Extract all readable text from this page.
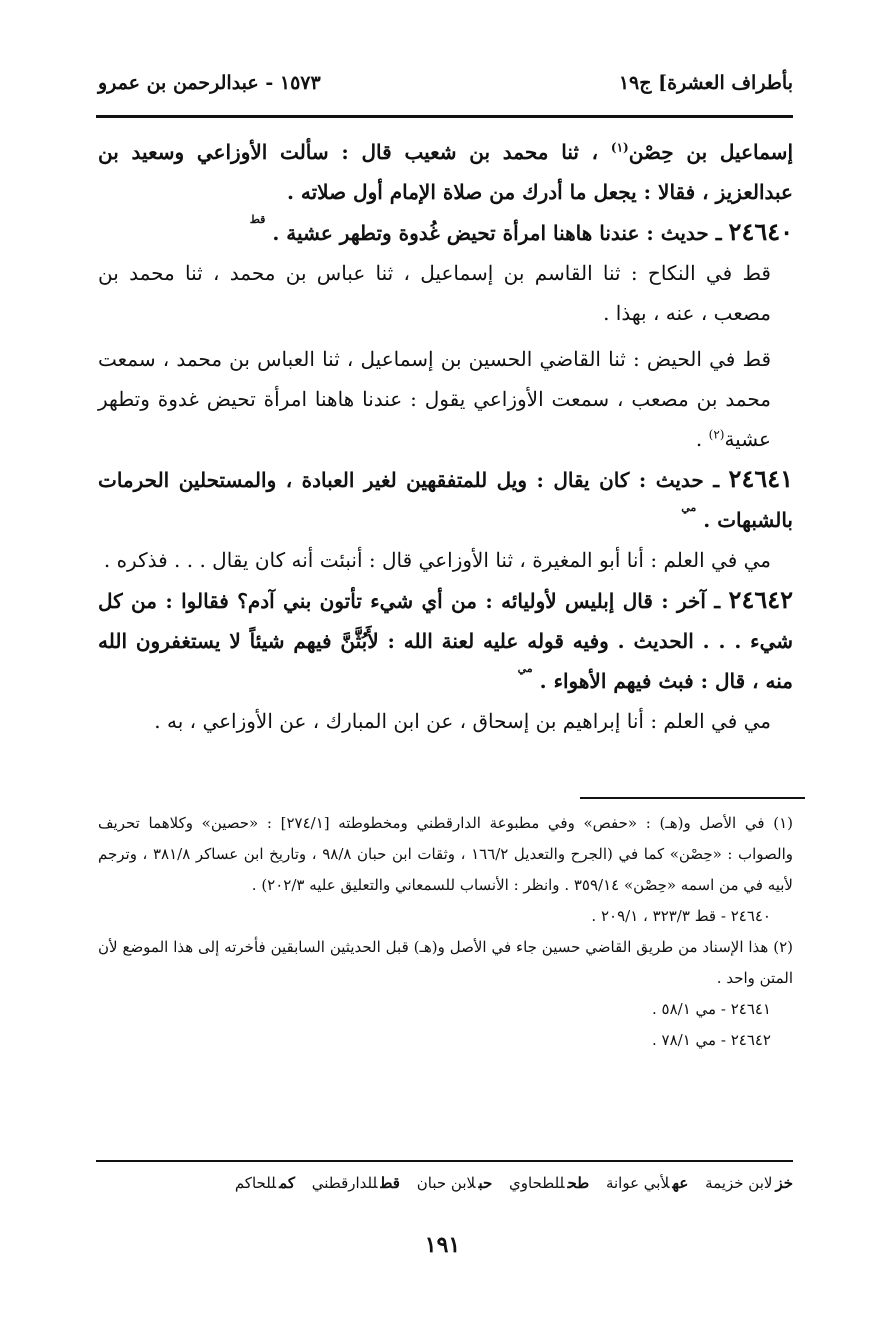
بأطراف العشرة] ج١٩
١٥٧٣ - عبدالرحمن بن عمرو

إسماعيل بن حِصْن$^{(١)}$ ، ثنا محمد بن شعيب قال : سألت الأوزاعي وسعيد بن عبدالعزيز ، فقالا : يجعل ما أدرك من صلاة الإمام أول صلاته .

٢٤٦٤٠ ـ حديث : عندنا هاهنا امرأة تحيض غُدوة وتطهر عشية . $^{قط}$

قط في النكاح : ثنا القاسم بن إسماعيل ، ثنا عباس بن محمد ، ثنا محمد بن مصعب ، عنه ، بهذا .

قط في الحيض : ثنا القاضي الحسين بن إسماعيل ، ثنا العباس بن محمد ، سمعت محمد بن مصعب ، سمعت الأوزاعي يقول : عندنا هاهنا امرأة تحيض غدوة وتطهر عشية$^{(٢)}$ .

٢٤٦٤١ ـ حديث : كان يقال : ويل للمتفقهين لغير العبادة ، والمستحلين الحرمات بالشبهات . $^{مي}$

مي في العلم : أنا أبو المغيرة ، ثنا الأوزاعي قال : أنبئت أنه كان يقال . . . فذكره .

٢٤٦٤٢ ـ آخر : قال إبليس لأوليائه : من أي شيء تأتون بني آدم؟ فقالوا : من كل شيء . . . الحديث . وفيه قوله عليه لعنة الله : لأَبُثَّنَّ فيهم شيئاً لا يستغفرون الله منه ، قال : فبث فيهم الأهواء . $^{مي}$

مي في العلم : أنا إبراهيم بن إسحاق ، عن ابن المبارك ، عن الأوزاعي ، به .

(١) في الأصل و(هـ) : «حفص» وفي مطبوعة الدارقطني ومخطوطته [٢٧٤/١] : «حصين» وكلاهما تحريف والصواب : «حِصْن» كما في (الجرح والتعديل ١٦٦/٢ ، وثقات ابن حبان ٩٨/٨ ، وتاريخ ابن عساكر ٣٨١/٨ ، وترجم لأبيه في من اسمه «حِصْن» ٣٥٩/١٤ . وانظر : الأنساب للسمعاني والتعليق عليه ٢٠٢/٣) .

٢٤٦٤٠ - قط ٣٢٣/٣ ، ٢٠٩/١ .

(٢) هذا الإسناد من طريق القاضي حسين جاء في الأصل و(هـ) قبل الحديثين السابقين فأخرته إلى هذا الموضع لأن المتن واحد .

٢٤٦٤١ - مي ٥٨/١ .

٢٤٦٤٢ - مي ٧٨/١ .

خزلابن خزيمة عهلأبي عوانة طحللطحاوي حبلابن حبان قطللدارقطني كمللحاكم
١٩١
